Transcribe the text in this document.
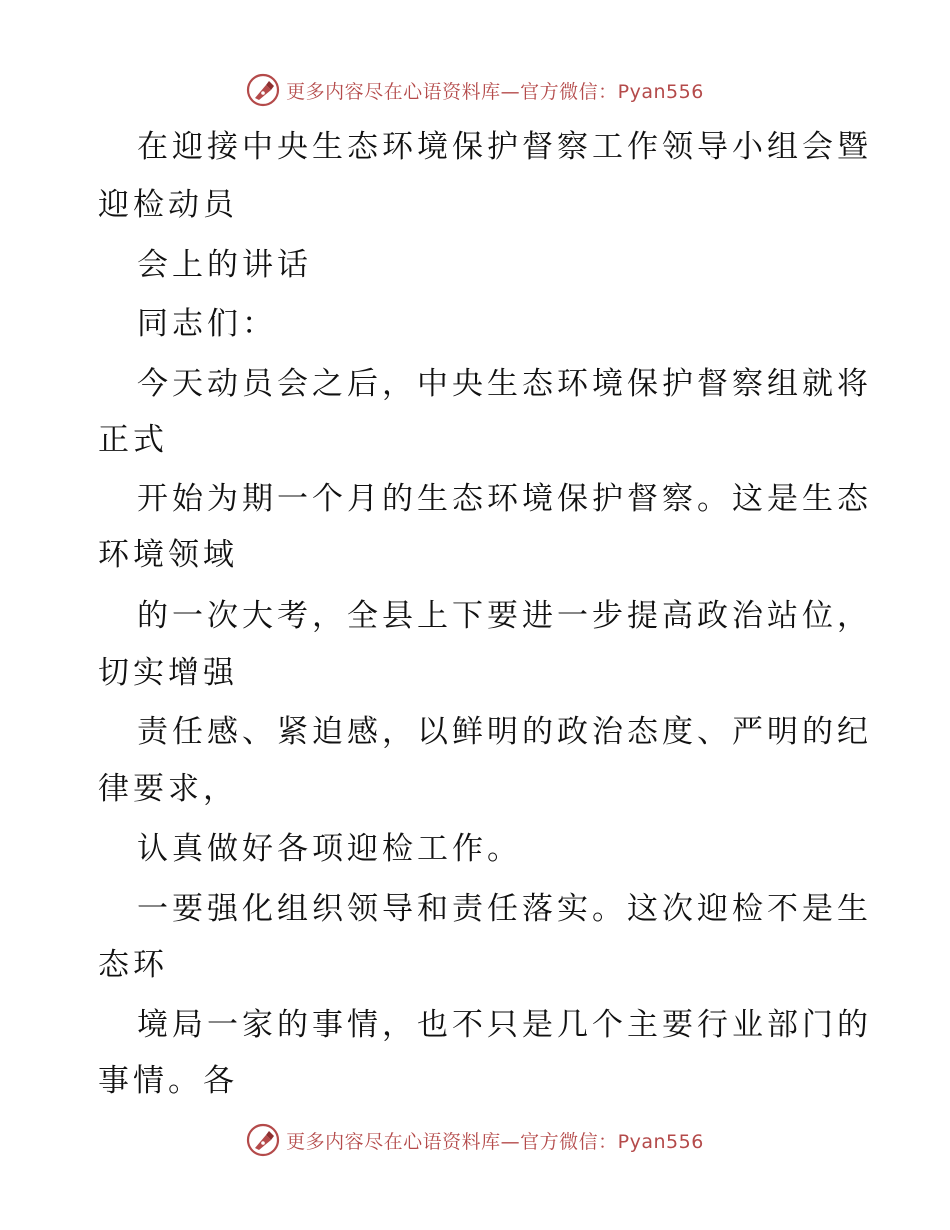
更多内容尽在心语资料库—官方微信：Pyan556
在迎接中央生态环境保护督察工作领导小组会暨
迎检动员
会上的讲话
同志们：
今天动员会之后，中央生态环境保护督察组就将
正式
开始为期一个月的生态环境保护督察。这是生态
环境领域
的一次大考，全县上下要进一步提高政治站位，
切实增强
责任感、紧迫感，以鲜明的政治态度、严明的纪
律要求，
认真做好各项迎检工作。
一要强化组织领导和责任落实。这次迎检不是生
态环
境局一家的事情，也不只是几个主要行业部门的
事情。各
更多内容尽在心语资料库—官方微信：Pyan556
